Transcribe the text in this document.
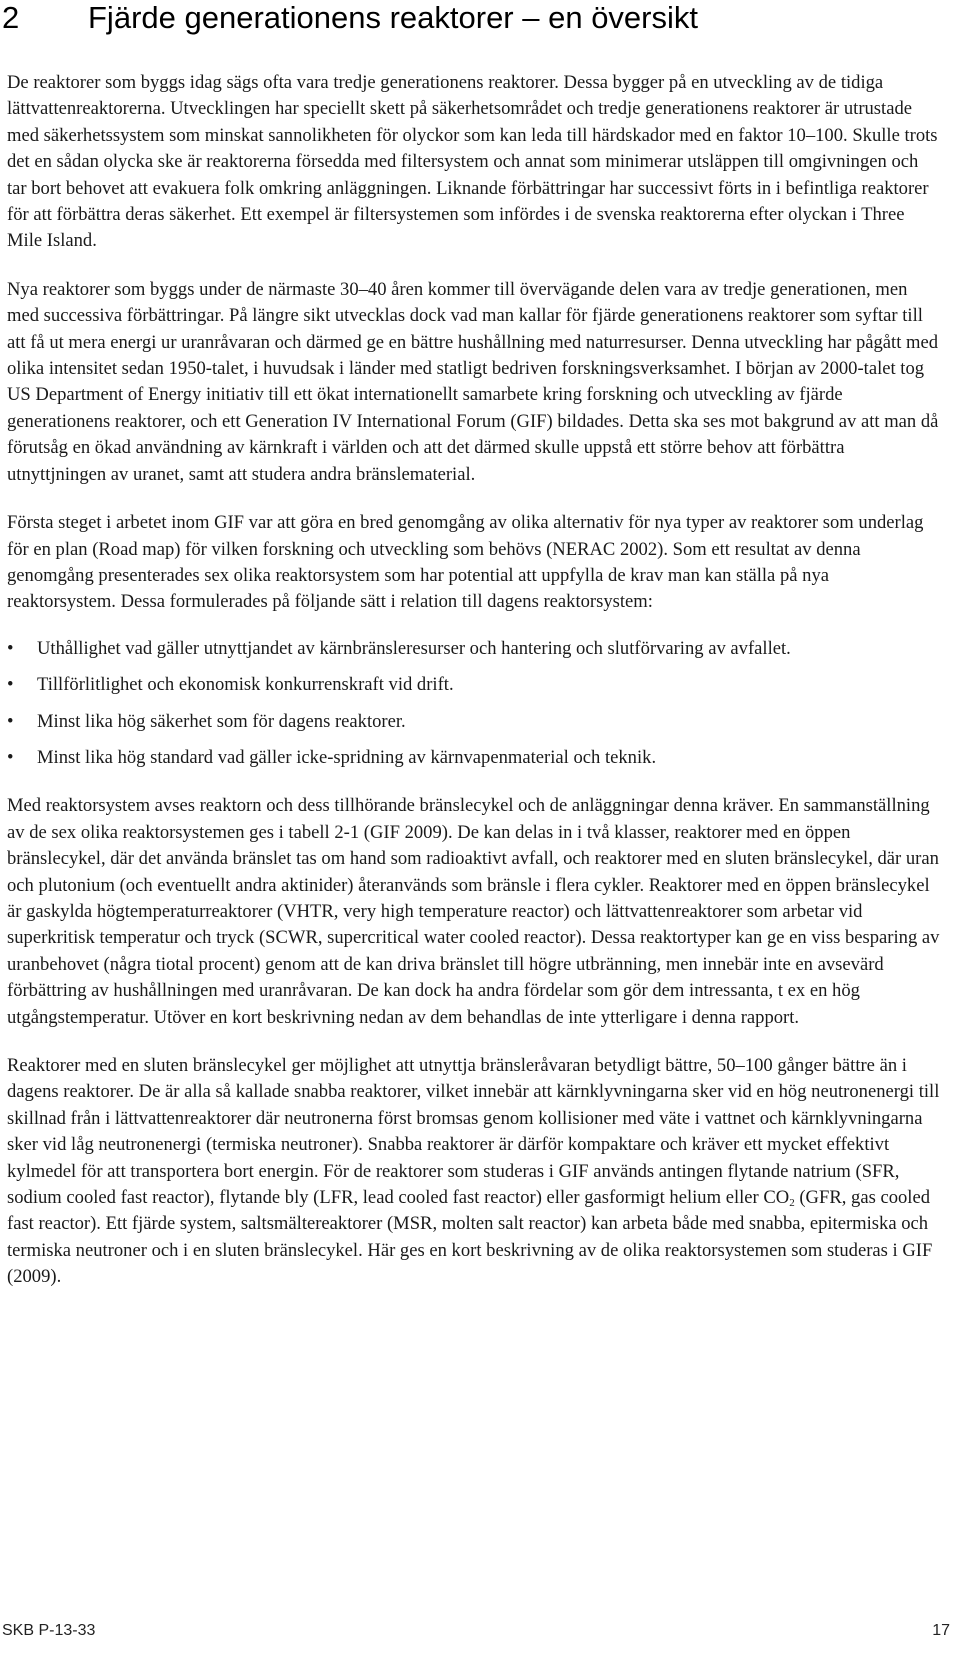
2 Fjärde generationens reaktorer – en översikt

De reaktorer som byggs idag sägs ofta vara tredje generationens reaktorer. Dessa bygger på en utveckling av de tidiga lättvattenreaktorerna. Utvecklingen har speciellt skett på säkerhetsområdet och tredje generationens reaktorer är utrustade med säkerhetssystem som minskat sannolikheten för olyckor som kan leda till härdskador med en faktor 10–100. Skulle trots det en sådan olycka ske är reaktorerna försedda med filtersystem och annat som minimerar utsläppen till omgivningen och tar bort behovet att evakuera folk omkring anläggningen. Liknande förbättringar har successivt förts in i befintliga reaktorer för att förbättra deras säkerhet. Ett exempel är filtersystemen som infördes i de svenska reaktorerna efter olyckan i Three Mile Island.

Nya reaktorer som byggs under de närmaste 30–40 åren kommer till övervägande delen vara av tredje generationen, men med successiva förbättringar. På längre sikt utvecklas dock vad man kallar för fjärde generationens reaktorer som syftar till att få ut mera energi ur uranråvaran och därmed ge en bättre hushållning med naturresurser. Denna utveckling har pågått med olika intensitet sedan 1950-talet, i huvudsak i länder med statligt bedriven forskningsverksamhet. I början av 2000-talet tog US Department of Energy initiativ till ett ökat internationellt samarbete kring forskning och utveckling av fjärde generationens reaktorer, och ett Generation IV International Forum (GIF) bildades. Detta ska ses mot bakgrund av att man då förutsåg en ökad användning av kärnkraft i världen och att det därmed skulle uppstå ett större behov att förbättra utnyttjningen av uranet, samt att studera andra bränslematerial.

Första steget i arbetet inom GIF var att göra en bred genomgång av olika alternativ för nya typer av reaktorer som underlag för en plan (Road map) för vilken forskning och utveckling som behövs (NERAC 2002). Som ett resultat av denna genomgång presenterades sex olika reaktorsystem som har potential att uppfylla de krav man kan ställa på nya reaktorsystem. Dessa formulerades på följande sätt i relation till dagens reaktorsystem:

• Uthållighet vad gäller utnyttjandet av kärnbränsleresurser och hantering och slutförvaring av avfallet.
• Tillförlitlighet och ekonomisk konkurrenskraft vid drift.
• Minst lika hög säkerhet som för dagens reaktorer.
• Minst lika hög standard vad gäller icke-spridning av kärnvapenmaterial och teknik.

Med reaktorsystem avses reaktorn och dess tillhörande bränslecykel och de anläggningar denna kräver. En sammanställning av de sex olika reaktorsystemen ges i tabell 2-1 (GIF 2009). De kan delas in i två klasser, reaktorer med en öppen bränslecykel, där det använda bränslet tas om hand som radioaktivt avfall, och reaktorer med en sluten bränslecykel, där uran och plutonium (och eventuellt andra aktinider) återanvänds som bränsle i flera cykler. Reaktorer med en öppen bränslecykel är gaskylda högtemperaturreaktorer (VHTR, very high temperature reactor) och lättvattenreaktorer som arbetar vid superkritisk temperatur och tryck (SCWR, supercritical water cooled reactor). Dessa reaktortyper kan ge en viss besparing av uranbehovet (några tiotal procent) genom att de kan driva bränslet till högre utbränning, men innebär inte en avsevärd förbättring av hushållningen med uranråvaran. De kan dock ha andra fördelar som gör dem intressanta, t ex en hög utgångstemperatur. Utöver en kort beskrivning nedan av dem behandlas de inte ytterligare i denna rapport.

Reaktorer med en sluten bränslecykel ger möjlighet att utnyttja bränsleråvaran betydligt bättre, 50–100 gånger bättre än i dagens reaktorer. De är alla så kallade snabba reaktorer, vilket innebär att kärnklyvningarna sker vid en hög neutronenergi till skillnad från i lättvattenreaktorer där neutronerna först bromsas genom kollisioner med väte i vattnet och kärnklyvningarna sker vid låg neutronenergi (termiska neutroner). Snabba reaktorer är därför kompaktare och kräver ett mycket effektivt kylmedel för att transportera bort energin. För de reaktorer som studeras i GIF används antingen flytande natrium (SFR, sodium cooled fast reactor), flytande bly (LFR, lead cooled fast reactor) eller gasformigt helium eller $CO_2$ (GFR, gas cooled fast reactor). Ett fjärde system, saltsmältereaktorer (MSR, molten salt reactor) kan arbeta både med snabba, epitermiska och termiska neutroner och i en sluten bränslecykel. Här ges en kort beskrivning av de olika reaktorsystemen som studeras i GIF (2009).

SKB P-13-33	17
